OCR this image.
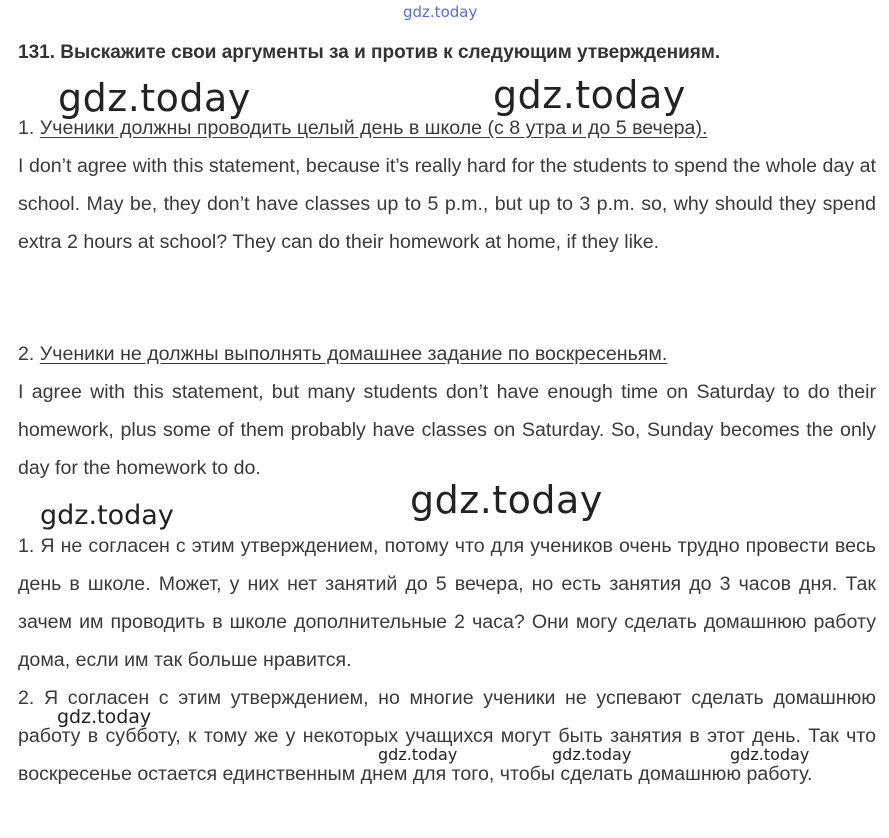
gdz.today
131. Выскажите свои аргументы за и против к следующим утверждениям.
gdz.today	gdz.today
1. Ученики должны проводить целый день в школе (с 8 утра и до 5 вечера).
I don’t agree with this statement, because it’s really hard for the students to spend the whole day at school. May be, they don’t have classes up to 5 p.m., but up to 3 p.m. so, why should they spend extra 2 hours at school? They can do their homework at home, if they like.
2. Ученики не должны выполнять домашнее задание по воскресеньям.
I agree with this statement, but many students don’t have enough time on Saturday to do their homework, plus some of them probably have classes on Saturday. So, Sunday becomes the only day for the homework to do.
gdz.today
gdz.today
1. Я не согласен с этим утверждением, потому что для учеников очень трудно провести весь день в школе. Может, у них нет занятий до 5 вечера, но есть занятия до 3 часов дня. Так зачем им проводить в школе дополнительные 2 часа? Они могу сделать домашнюю работу дома, если им так больше нравится.
2. Я согласен с этим утверждением, но многие ученики не успевают сделать домашнюю работу в субботу, к тому же у некоторых учащихся могут быть занятия в этот день. Так что воскресенье остается единственным днем для того, чтобы сделать домашнюю работу.
gdz.today
gdz.today	gdz.today	gdz.today
